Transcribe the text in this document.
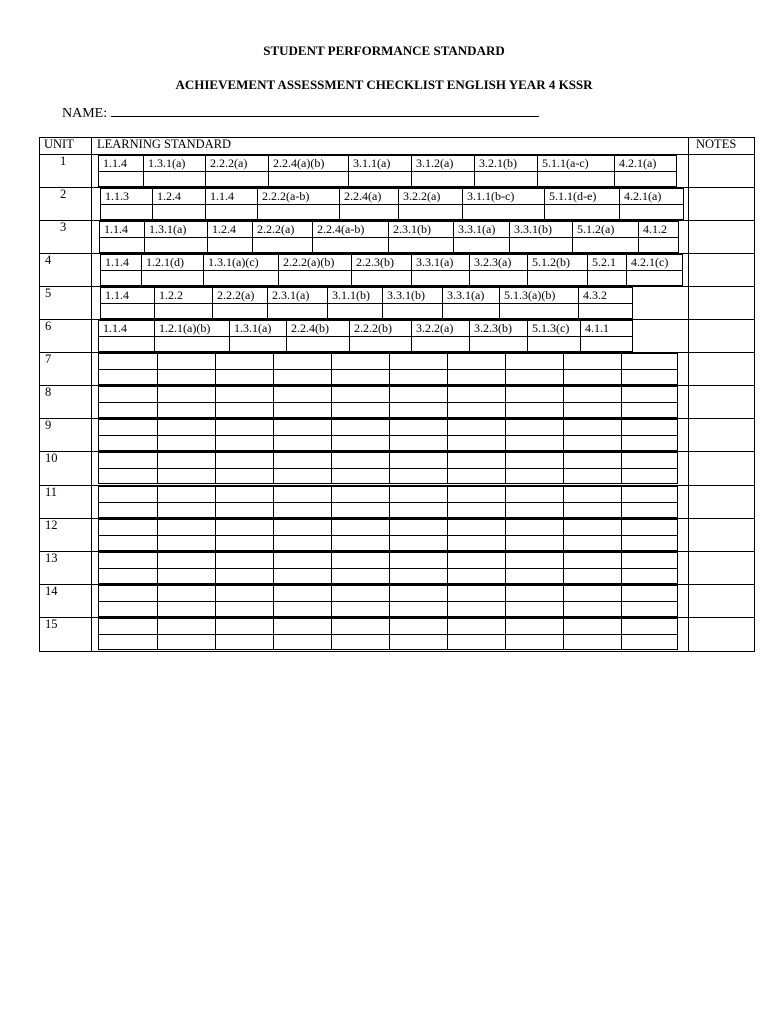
STUDENT PERFORMANCE STANDARD
ACHIEVEMENT ASSESSMENT CHECKLIST ENGLISH YEAR 4 KSSR
NAME:
UNIT LEARNING STANDARD	NOTES
1	1.1.4	1.3.1(a)	2.2.2(a)	2.2.4(a)(b)	3.1.1(a)	3.1.2(a)	3.2.1(b)	5.1.1(a-c)	4.2.1(a)
2	1.1.3	1.2.4	1.1.4	2.2.2(a-b)	2.2.4(a)	3.2.2(a)	3.1.1(b-c)	5.1.1(d-e)	4.2.1(a)
3	1.1.4	1.3.1(a)	1.2.4	2.2.2(a)	2.2.4(a-b)	2.3.1(b)	3.3.1(a)	3.3.1(b)	5.1.2(a)	4.1.2
4	1.1.4	1.2.1(d)	1.3.1(a)(c)	2.2.2(a)(b)	2.2.3(b)	3.3.1(a)	3.2.3(a)	5.1.2(b)	5.2.1	4.2.1(c)
5	1.1.4	1.2.2	2.2.2(a)	2.3.1(a)	3.1.1(b)	3.3.1(b)	3.3.1(a)	5.1.3(a)(b)	4.3.2
6	1.1.4	1.2.1(a)(b)	1.3.1(a)	2.2.4(b)	2.2.2(b)	3.2.2(a)	3.2.3(b)	5.1.3(c)	4.1.1
7
8
9
10
11
12
13
14
15
